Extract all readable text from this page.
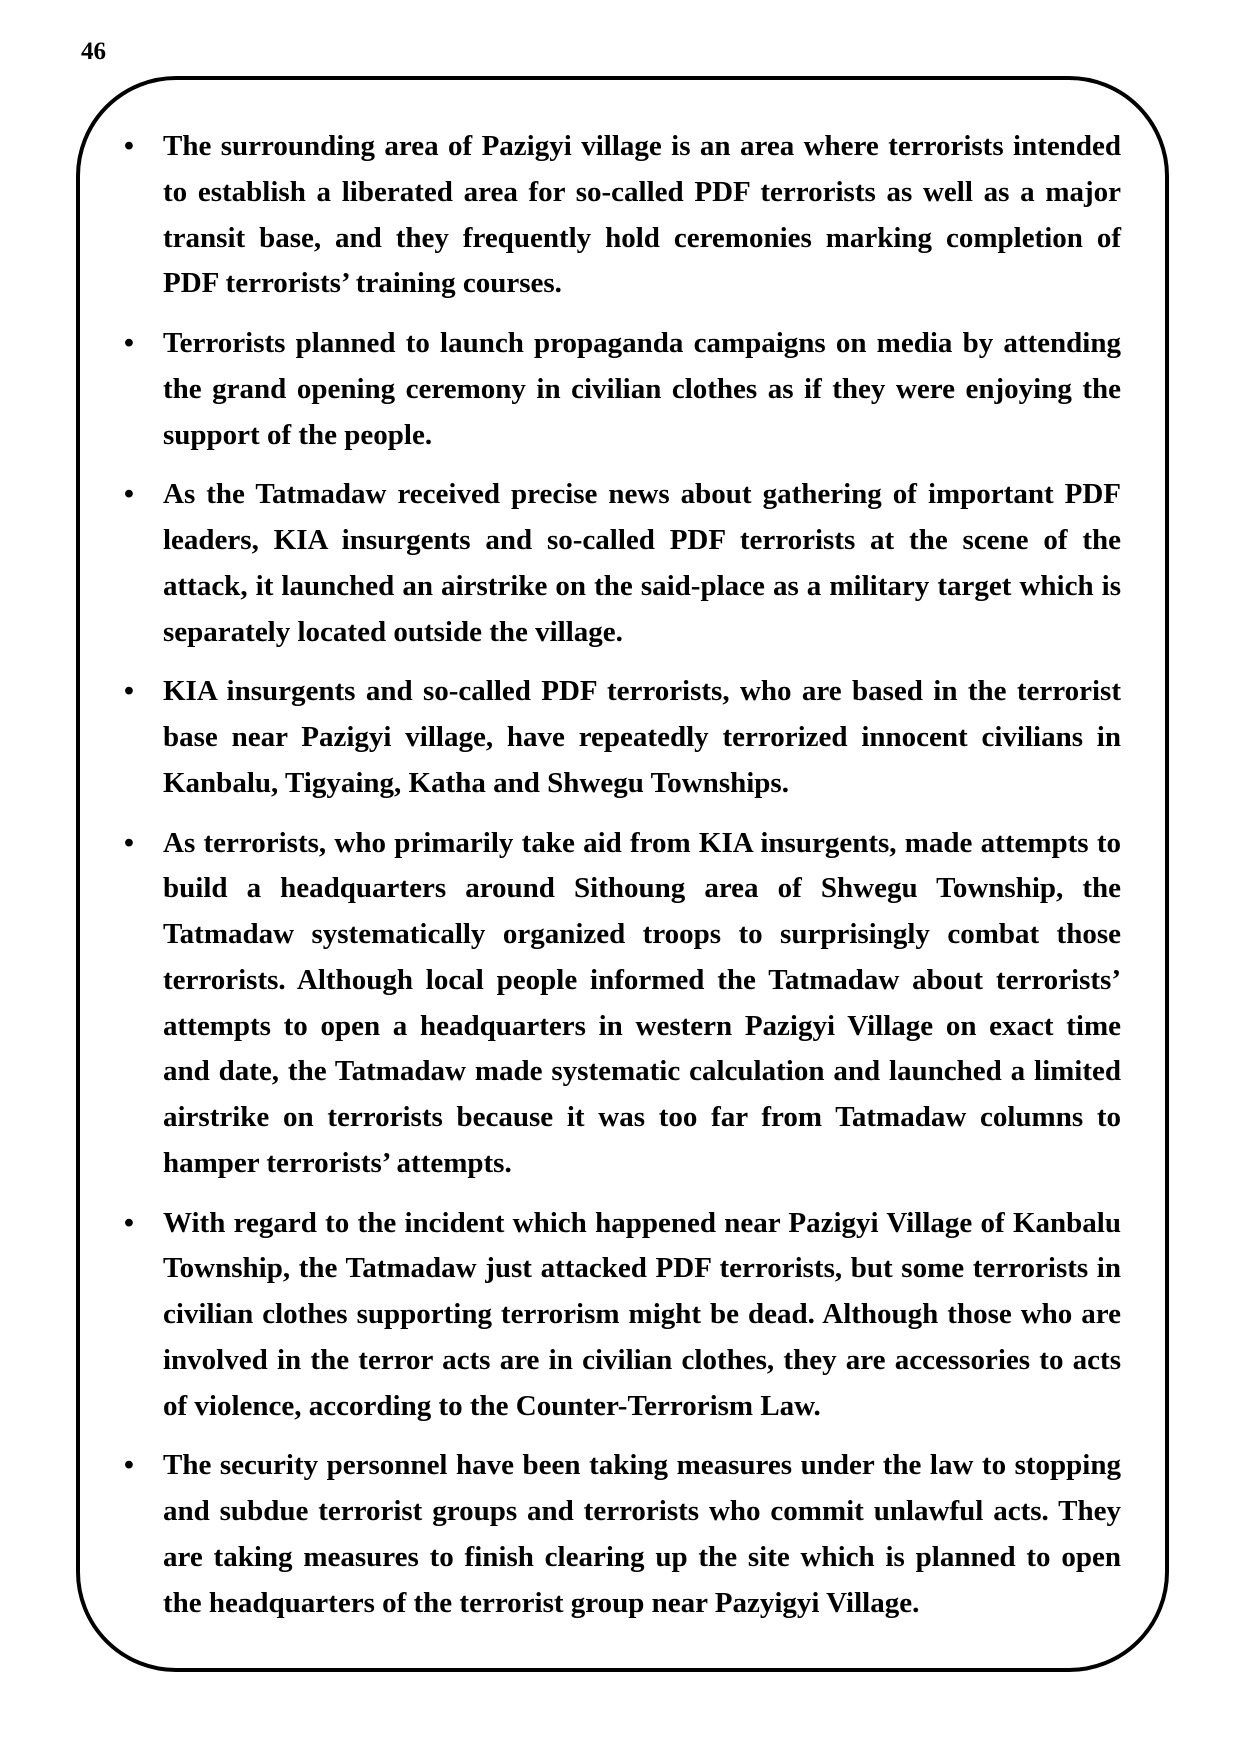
46
• The surrounding area of Pazigyi village is an area where terrorists intended
to establish a liberated area for so-called PDF terrorists as well as a major
transit base, and they frequently hold ceremonies marking completion of
PDF terrorists’ training courses.
• Terrorists planned to launch propaganda campaigns on media by attending
the grand opening ceremony in civilian clothes as if they were enjoying the
support of the people.
• As the Tatmadaw received precise news about gathering of important PDF
leaders, KIA insurgents and so-called PDF terrorists at the scene of the
attack, it launched an airstrike on the said-place as a military target which is
separately located outside the village.
• KIA insurgents and so-called PDF terrorists, who are based in the terrorist
base near Pazigyi village, have repeatedly terrorized innocent civilians in
Kanbalu, Tigyaing, Katha and Shwegu Townships.
• As terrorists, who primarily take aid from KIA insurgents, made attempts to
build a headquarters around Sithoung area of Shwegu Township, the
Tatmadaw systematically organized troops to surprisingly combat those
terrorists. Although local people informed the Tatmadaw about terrorists’
attempts to open a headquarters in western Pazigyi Village on exact time
and date, the Tatmadaw made systematic calculation and launched a limited
airstrike on terrorists because it was too far from Tatmadaw columns to
hamper terrorists’ attempts.
• With regard to the incident which happened near Pazigyi Village of Kanbalu
Township, the Tatmadaw just attacked PDF terrorists, but some terrorists in
civilian clothes supporting terrorism might be dead. Although those who are
involved in the terror acts are in civilian clothes, they are accessories to acts
of violence, according to the Counter-Terrorism Law.
• The security personnel have been taking measures under the law to stopping
and subdue terrorist groups and terrorists who commit unlawful acts. They
are taking measures to finish clearing up the site which is planned to open
the headquarters of the terrorist group near Pazyigyi Village.
